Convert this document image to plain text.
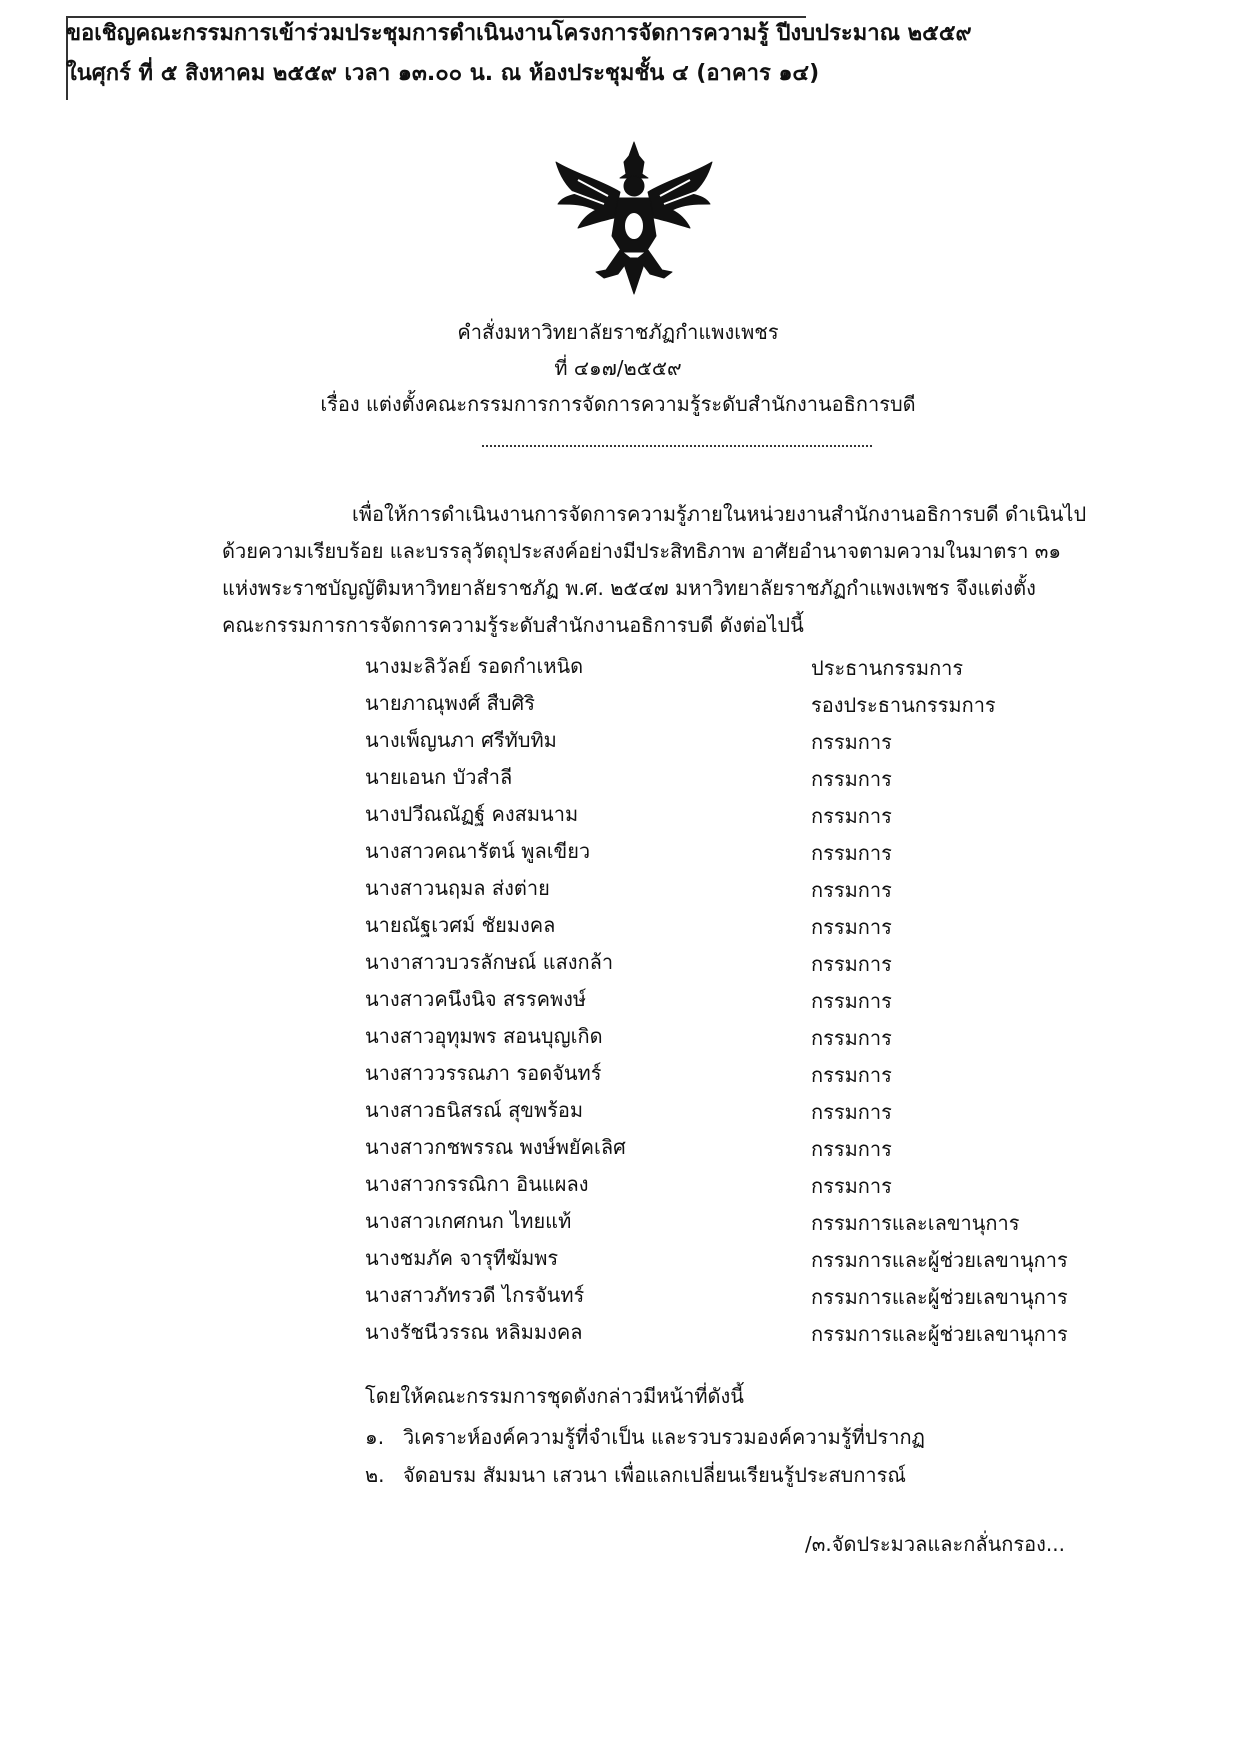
ขอเชิญคณะกรรมการเข้าร่วมประชุมการดำเนินงานโครงการจัดการความรู้ ปีงบประมาณ ๒๕๕๙
ในศุกร์ ที่ ๕ สิงหาคม ๒๕๕๙ เวลา ๑๓.๐๐ น. ณ ห้องประชุมชั้น ๔ (อาคาร ๑๔)
คำสั่งมหาวิทยาลัยราชภัฏกำแพงเพชร
ที่ ๔๑๗/๒๕๕๙
เรื่อง แต่งตั้งคณะกรรมการการจัดการความรู้ระดับสำนักงานอธิการบดี
เพื่อให้การดำเนินงานการจัดการความรู้ภายในหน่วยงานสำนักงานอธิการบดี ดำเนินไป
ด้วยความเรียบร้อย และบรรลุวัตถุประสงค์อย่างมีประสิทธิภาพ อาศัยอำนาจตามความในมาตรา ๓๑
แห่งพระราชบัญญัติมหาวิทยาลัยราชภัฏ พ.ศ. ๒๕๔๗ มหาวิทยาลัยราชภัฏกำแพงเพชร จึงแต่งตั้ง
คณะกรรมการการจัดการความรู้ระดับสำนักงานอธิการบดี ดังต่อไปนี้
นางมะลิวัลย์ รอดกำเหนิด	ประธานกรรมการ
นายภาณุพงศ์ สืบศิริ	รองประธานกรรมการ
นางเพ็ญนภา ศรีทับทิม	กรรมการ
นายเอนก บัวสำลี	กรรมการ
นางปวีณณัฏฐ์ คงสมนาม	กรรมการ
นางสาวคณารัตน์ พูลเขียว	กรรมการ
นางสาวนฤมล ส่งต่าย	กรรมการ
นายณัฐเวศม์ ชัยมงคล	กรรมการ
นางาสาวบวรลักษณ์ แสงกล้า	กรรมการ
นางสาวคนึงนิจ สรรคพงษ์	กรรมการ
นางสาวอุทุมพร สอนบุญเกิด	กรรมการ
นางสาววรรณภา รอดจันทร์	กรรมการ
นางสาวธนิสรณ์ สุขพร้อม	กรรมการ
นางสาวกชพรรณ พงษ์พยัคเลิศ	กรรมการ
นางสาวกรรณิกา อินแผลง	กรรมการ
นางสาวเกศกนก ไทยแท้	กรรมการและเลขานุการ
นางชมภัค จารุทีฆัมพร	กรรมการและผู้ช่วยเลขานุการ
นางสาวภัทรวดี ไกรจันทร์	กรรมการและผู้ช่วยเลขานุการ
นางรัชนีวรรณ หลิมมงคล	กรรมการและผู้ช่วยเลขานุการ
โดยให้คณะกรรมการชุดดังกล่าวมีหน้าที่ดังนี้
๑. วิเคราะห์องค์ความรู้ที่จำเป็น และรวบรวมองค์ความรู้ที่ปรากฏ
๒. จัดอบรม สัมมนา เสวนา เพื่อแลกเปลี่ยนเรียนรู้ประสบการณ์
/๓.จัดประมวลและกลั่นกรอง...
